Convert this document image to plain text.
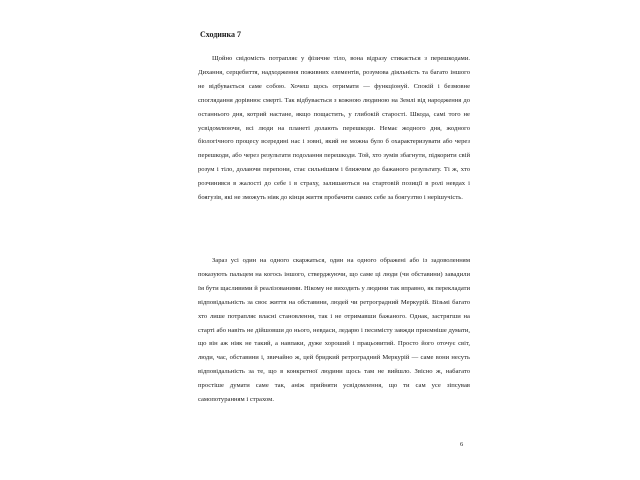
Сходинка 7

Щойно свідомість потрапляє у фізичне тіло, вона відразу стикається з перешкодами. Дихання, серцебиття, надходження поживних елементів, розумова діяльність та багато іншого не відбувається саме собою. Хочеш щось отримати — функціонуй. Спокій і безмовне споглядання дорівнює смерті. Так відбувається з кожною людиною на Землі від народження до останнього дня, котрий настане, якщо пощастить, у глибокій старості. Шкода, самі того не усвідомлюючи, всі люди на планеті долають перешкоди. Немає жодного дня, жодного біологічного процесу всередині нас і зовні, який не можна було б охарактеризувати або через перешкоди, або через результати подолання перешкоди. Той, хто зумів збагнути, підкорити свій розум і тіло, долаючи перепони, стає сильнішим і ближчим до бажаного результату. Ті ж, хто розчинився в жалості до себе і в страху, залишаються на стартовій позиції в ролі невдах і боягузів, які не зможуть ніяк до кінця життя пробачити самих себе за боягузтво і нерішучість.

Зараз усі один на одного скаржаться, один на одного ображені або із задоволенням показують пальцем на когось іншого, стверджуючи, що саме ці люди (чи обставини) завадили їм бути щасливими й реалізованими. Нікому не виходить у людини так вправно, як перекладати відповідальність за своє життя на обставини, людей чи ретроградний Меркурій. Візьмі багато хто лише потрапляє власні становлення, так і не отримавши бажаного. Однак, застрягши на старті або навіть не дійшовши до нього, невдаси, ледарю і песимісту завжди приємніше думати, що він аж ніяк не такий, а навпаки, дуже хороший і працьовитий. Просто його оточує світ, люди, час, обставини і, звичайно ж, цей бридкий ретроградний Меркурій — саме вони несуть відповідальність за те, що в конкретної людини щось там не вийшло. Звісно ж, набагато простіше думати саме так, аніж прийняти усвідомлення, що ти сам усе зіпсував самопотуранням і страхом.

6
